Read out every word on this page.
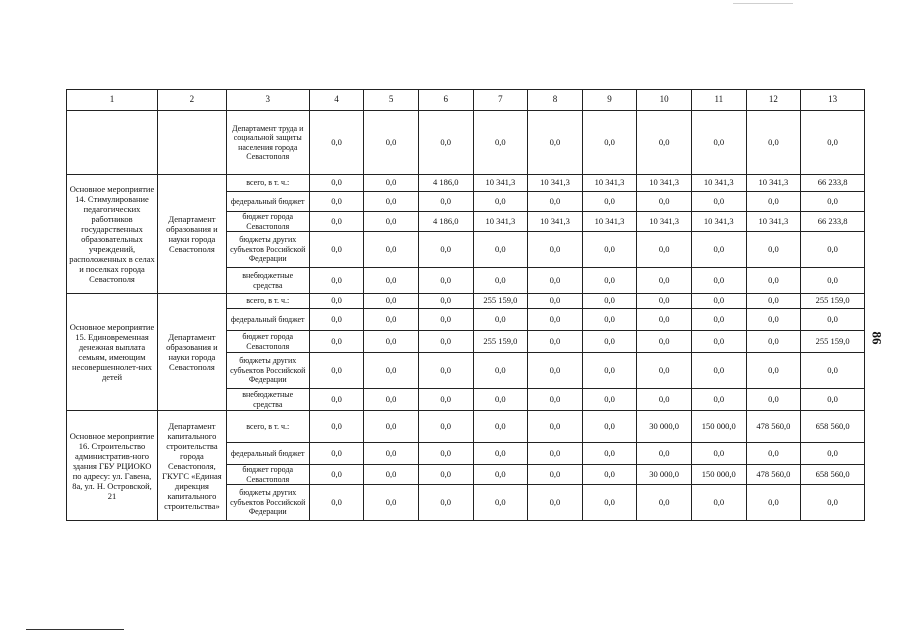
1	2	3	4	5	6	7	8	9	10	11	12	13
		Департамент труда и социальной защиты населения города Севастополя	0,0	0,0	0,0	0,0	0,0	0,0	0,0	0,0	0,0	0,0
Основное мероприятие 14. Стимулирование педагогических работников государственных образовательных учреждений, расположенных в селах и поселках города Севастополя	Департамент образования и науки города Севастополя	всего, в т. ч.:	0,0	0,0	4 186,0	10 341,3	10 341,3	10 341,3	10 341,3	10 341,3	10 341,3	66 233,8
		федеральный бюджет	0,0	0,0	0,0	0,0	0,0	0,0	0,0	0,0	0,0	0,0
		бюджет города Севастополя	0,0	0,0	4 186,0	10 341,3	10 341,3	10 341,3	10 341,3	10 341,3	10 341,3	66 233,8
		бюджеты других субъектов Российской Федерации	0,0	0,0	0,0	0,0	0,0	0,0	0,0	0,0	0,0	0,0
		внебюджетные средства	0,0	0,0	0,0	0,0	0,0	0,0	0,0	0,0	0,0	0,0
Основное мероприятие 15. Единовременная денежная выплата семьям, имеющим несовершеннолет-них детей	Департамент образования и науки города Севастополя	всего, в т. ч.:	0,0	0,0	0,0	255 159,0	0,0	0,0	0,0	0,0	0,0	255 159,0
		федеральный бюджет	0,0	0,0	0,0	0,0	0,0	0,0	0,0	0,0	0,0	0,0
		бюджет города Севастополя	0,0	0,0	0,0	255 159,0	0,0	0,0	0,0	0,0	0,0	255 159,0
		бюджеты других субъектов Российской Федерации	0,0	0,0	0,0	0,0	0,0	0,0	0,0	0,0	0,0	0,0
		внебюджетные средства	0,0	0,0	0,0	0,0	0,0	0,0	0,0	0,0	0,0	0,0
Основное мероприятие 16. Строительство административ-ного здания ГБУ РЦИОКО по адресу: ул. Гавена, 8а, ул. Н. Островской, 21	Департамент капитального строительства города Севастополя, ГКУГС «Единая дирекция капитального строительства»	всего, в т. ч.:	0,0	0,0	0,0	0,0	0,0	0,0	30 000,0	150 000,0	478 560,0	658 560,0
		федеральный бюджет	0,0	0,0	0,0	0,0	0,0	0,0	0,0	0,0	0,0	0,0
		бюджет города Севастополя	0,0	0,0	0,0	0,0	0,0	0,0	30 000,0	150 000,0	478 560,0	658 560,0
		бюджеты других субъектов Российской Федерации	0,0	0,0	0,0	0,0	0,0	0,0	0,0	0,0	0,0	0,0
86
